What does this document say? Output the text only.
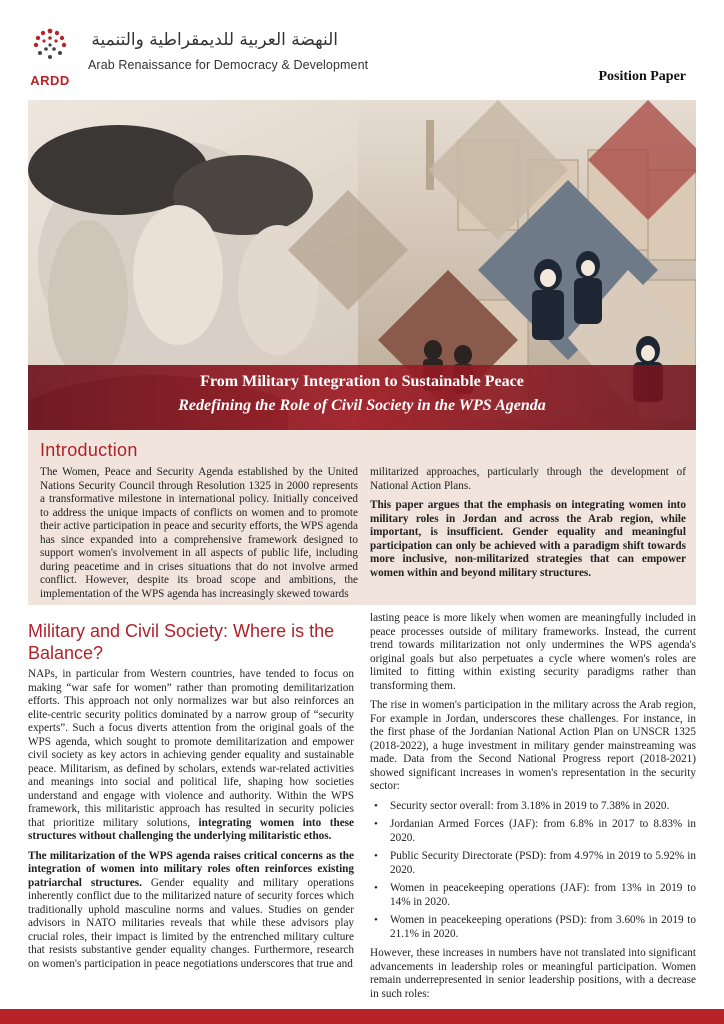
ARDD
النهضة العربية للديمقراطية والتنمية
Arab Renaissance for Democracy & Development
Position Paper
From Military Integration to Sustainable Peace
Redefining the Role of Civil Society in the WPS Agenda
Introduction

The Women, Peace and Security Agenda established by the United Nations Security Council through Resolution 1325 in 2000 represents a transformative milestone in international policy. Initially conceived to address the unique impacts of conflicts on women and to promote their active participation in peace and security efforts, the WPS agenda has since expanded into a comprehensive framework designed to support women's involvement in all aspects of public life, including during peacetime and in crises situations that do not involve armed conflict. However, despite its broad scope and ambitions, the implementation of the WPS agenda has increasingly skewed towards

militarized approaches, particularly through the development of National Action Plans.

This paper argues that the emphasis on integrating women into military roles in Jordan and across the Arab region, while important, is insufficient. Gender equality and meaningful participation can only be achieved with a paradigm shift towards more inclusive, non-militarized strategies that can empower women within and beyond military structures.

Military and Civil Society: Where is the Balance?

NAPs, in particular from Western countries, have tended to focus on making “war safe for women” rather than promoting demilitarization efforts. This approach not only normalizes war but also reinforces an elite-centric security politics dominated by a narrow group of “security experts”. Such a focus diverts attention from the original goals of the WPS agenda, which sought to promote demilitarization and empower civil society as key actors in achieving gender equality and sustainable peace. Militarism, as defined by scholars, extends war-related activities and meanings into social and political life, shaping how societies understand and engage with violence and authority. Within the WPS framework, this militaristic approach has resulted in security policies that prioritize military solutions, integrating women into these structures without challenging the underlying militaristic ethos.

The militarization of the WPS agenda raises critical concerns as the integration of women into military roles often reinforces existing patriarchal structures. Gender equality and military operations inherently conflict due to the militarized nature of security forces which traditionally uphold masculine norms and values. Studies on gender advisors in NATO militaries reveals that while these advisors play crucial roles, their impact is limited by the entrenched military culture that resists substantive gender equality changes. Furthermore, research on women's participation in peace negotiations underscores that true and

lasting peace is more likely when women are meaningfully included in peace processes outside of military frameworks. Instead, the current trend towards militarization not only undermines the WPS agenda's original goals but also perpetuates a cycle where women's roles are limited to fitting within existing security paradigms rather than transforming them.

The rise in women's participation in the military across the Arab region, For example in Jordan, underscores these challenges. For instance, in the first phase of the Jordanian National Action Plan on UNSCR 1325 (2018-2022), a huge investment in military gender mainstreaming was made. Data from the Second National Progress report (2018-2021) showed significant increases in women's representation in the security sector:

• Security sector overall: from 3.18% in 2019 to 7.38% in 2020.
• Jordanian Armed Forces (JAF): from 6.8% in 2017 to 8.83% in 2020.
• Public Security Directorate (PSD): from 4.97% in 2019 to 5.92% in 2020.
• Women in peacekeeping operations (JAF): from 13% in 2019 to 14% in 2020.
• Women in peacekeeping operations (PSD): from 3.60% in 2019 to 21.1% in 2020.

However, these increases in numbers have not translated into significant advancements in leadership roles or meaningful participation. Women remain underrepresented in senior leadership positions, with a decrease in such roles:
